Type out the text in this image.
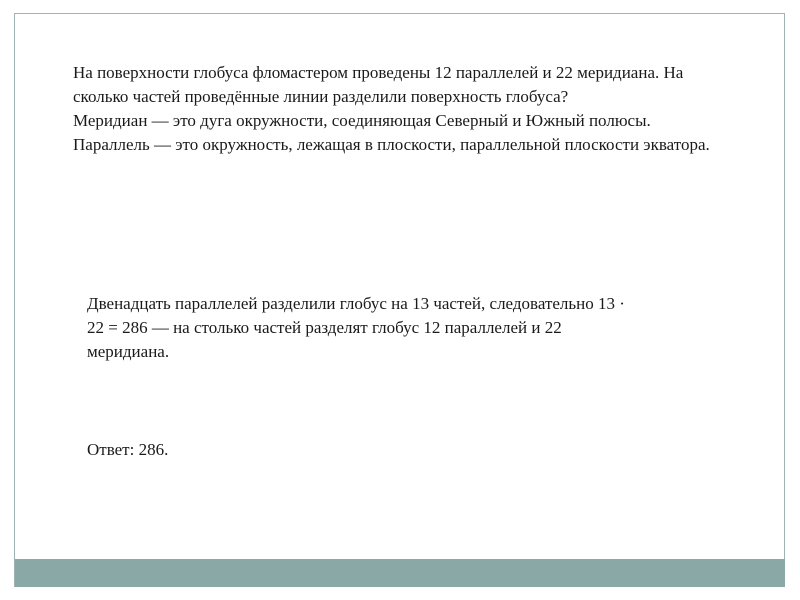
На поверхности глобуса фломастером проведены 12 параллелей и 22 меридиана. На сколько частей проведённые линии разделили поверхность глобуса?

Меридиан — это дуга окружности, соединяющая Северный и Южный полюсы. Параллель — это окружность, лежащая в плоскости, параллельной плоскости экватора.

Двенадцать параллелей разделили глобус на 13 частей, следовательно 13 · 22 = 286 — на столько частей разделят глобус 12 параллелей и 22 меридиана.

Ответ: 286.
